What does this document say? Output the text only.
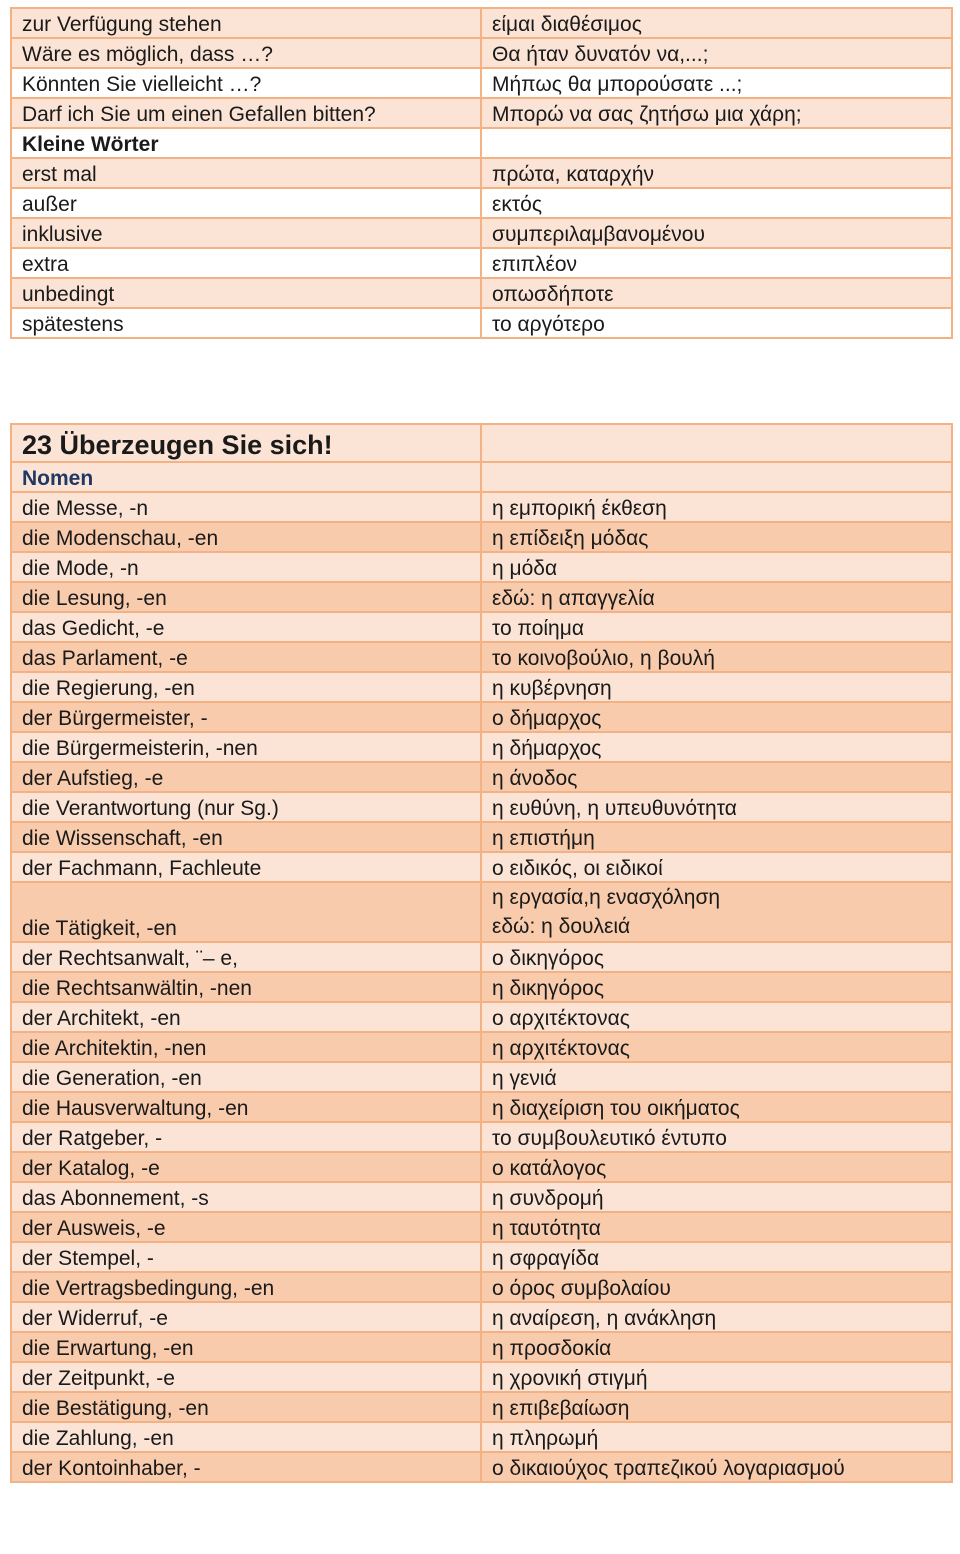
zur Verfügung stehen	είμαι διαθέσιμος
Wäre es möglich, dass …?	Θα ήταν δυνατόν να,...;
Könnten Sie vielleicht …?	Μήπως θα μπορούσατε ...;
Darf ich Sie um einen Gefallen bitten?	Μπορώ να σας ζητήσω μια χάρη;
Kleine Wörter	
erst mal	πρώτα, καταρχήν
außer	εκτός
inklusive	συμπεριλαμβανομένου
extra	επιπλέον
unbedingt	οπωσδήποτε
spätestens	το αργότερο
23 Überzeugen Sie sich!	
Nomen	
die Messe, -n	η εμπορική έκθεση
die Modenschau, -en	η επίδειξη μόδας
die Mode, -n	η μόδα
die Lesung, -en	εδώ: η απαγγελία
das Gedicht, -e	το ποίημα
das Parlament, -e	το κοινοβούλιο, η βουλή
die Regierung, -en	η κυβέρνηση
der Bürgermeister, -	ο δήμαρχος
die Bürgermeisterin, -nen	η δήμαρχος
der Aufstieg, -e	η άνοδος
die Verantwortung (nur Sg.)	η ευθύνη, η υπευθυνότητα
die Wissenschaft, -en	η επιστήμη
der Fachmann, Fachleute	ο ειδικός, οι ειδικοί
die Tätigkeit, -en	η εργασία,η ενασχόληση
εδώ: η δουλειά

der Rechtsanwalt, ¨– e,	ο δικηγόρος
die Rechtsanwältin, -nen	η δικηγόρος
der Architekt, -en	ο αρχιτέκτονας
die Architektin, -nen	η αρχιτέκτονας
die Generation, -en	η γενιά
die Hausverwaltung, -en	η διαχείριση του οικήματος
der Ratgeber, -	το συμβουλευτικό έντυπο
der Katalog, -e	ο κατάλογος
das Abonnement, -s	η συνδρομή
der Ausweis, -e	η ταυτότητα
der Stempel, -	η σφραγίδα
die Vertragsbedingung, -en	ο όρος συμβολαίου
der Widerruf, -e	η αναίρεση, η ανάκληση
die Erwartung, -en	η προσδοκία
der Zeitpunkt, -e	η χρονική στιγμή
die Bestätigung, -en	η επιβεβαίωση
die Zahlung, -en	η πληρωμή
der Kontoinhaber, -	ο δικαιούχος τραπεζικού λογαριασμού
